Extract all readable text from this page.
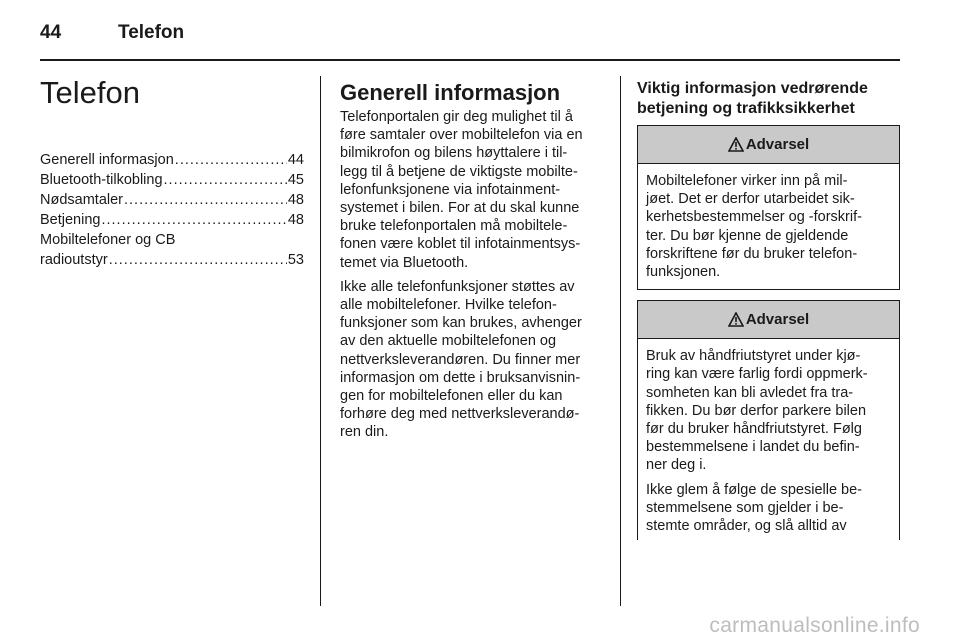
44	Telefon
Telefon
Generell informasjon .....	44
Bluetooth-tilkobling .....	45
Nødsamtaler .....	48
Betjening .....	48
Mobiltelefoner og CB
radioutstyr .....	53
Generell informasjon

Telefonportalen gir deg mulighet til å
føre samtaler over mobiltelefon via en
bilmikrofon og bilens høyttalere i til-
legg til å betjene de viktigste mobilte-
lefonfunksjonene via infotainment-
systemet i bilen. For at du skal kunne
bruke telefonportalen må mobiltele-
fonen være koblet til infotainmentsys-
temet via Bluetooth.

Ikke alle telefonfunksjoner støttes av
alle mobiltelefoner. Hvilke telefon-
funksjoner som kan brukes, avhenger
av den aktuelle mobiltelefonen og
nettverksleverandøren. Du finner mer
informasjon om dette i bruksanvisnin-
gen for mobiltelefonen eller du kan
forhøre deg med nettverksleverandø-
ren din.

Viktig informasjon vedrørende
betjening og trafikksikkerhet
Advarsel

Mobiltelefoner virker inn på mil-
jøet. Det er derfor utarbeidet sik-
kerhetsbestemmelser og -forskrif-
ter. Du bør kjenne de gjeldende
forskriftene før du bruker telefon-
funksjonen.

Advarsel

Bruk av håndfriutstyret under kjø-
ring kan være farlig fordi oppmerk-
somheten kan bli avledet fra tra-
fikken. Du bør derfor parkere bilen
før du bruker håndfriutstyret. Følg
bestemmelsene i landet du befin-
ner deg i.

Ikke glem å følge de spesielle be-
stemmelsene som gjelder i be-
stemte områder, og slå alltid av

carmanualsonline.info
